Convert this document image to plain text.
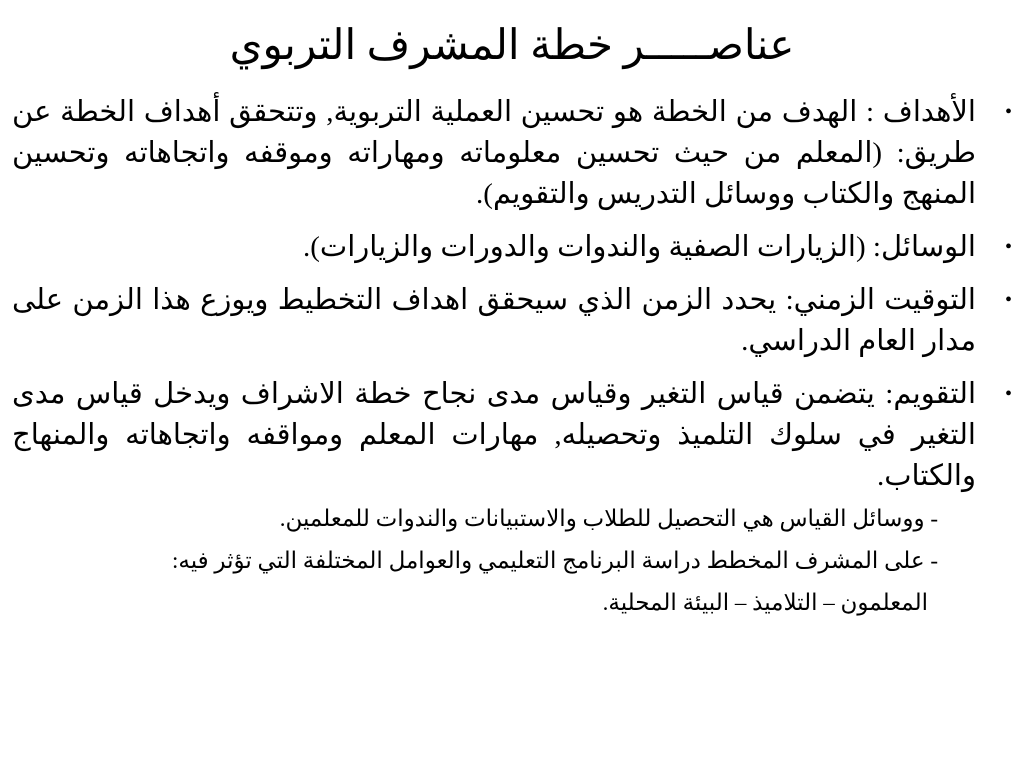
عناصـــــر خطة المشرف التربوي
•
الأهداف : الهدف من الخطة هو تحسين العملية التربوية, وتتحقق أهداف الخطة عن طريق: (المعلم من حيث تحسين معلوماته ومهاراته وموقفه واتجاهاته وتحسين المنهج والكتاب ووسائل التدريس والتقويم).
•
الوسائل: (الزيارات الصفية والندوات والدورات والزيارات).
•
التوقيت الزمني: يحدد الزمن الذي سيحقق اهداف التخطيط ويوزع هذا الزمن على مدار العام الدراسي.
•
التقويم: يتضمن قياس التغير وقياس مدى نجاح خطة الاشراف ويدخل قياس مدى التغير في سلوك التلميذ وتحصيله, مهارات المعلم ومواقفه واتجاهاته والمنهاج والكتاب.
- ووسائل القياس هي التحصيل للطلاب والاستبيانات والندوات للمعلمين.
- على المشرف المخطط دراسة البرنامج التعليمي والعوامل المختلفة التي تؤثر فيه:
المعلمون – التلاميذ – البيئة المحلية.
